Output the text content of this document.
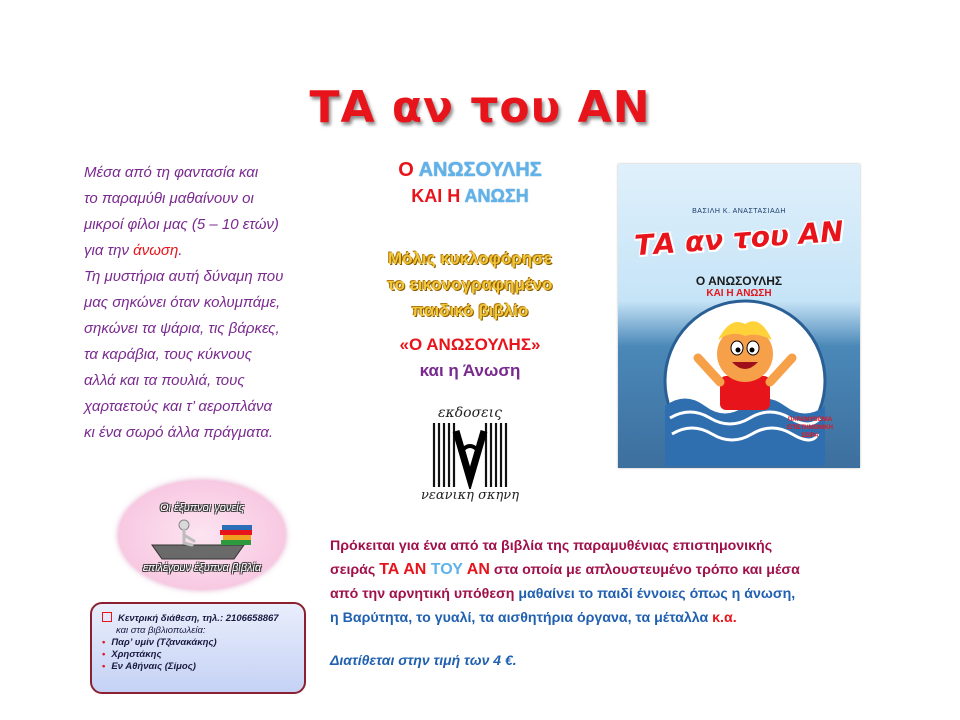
ΤΑ αν του ΑΝ
Μέσα από τη φαντασία και
το παραμύθι μαθαίνουν οι
μικροί φίλοι μας (5 – 10 ετών)
για την άνωση.
Τη μυστήρια αυτή δύναμη που
μας σηκώνει όταν κολυμπάμε,
σηκώνει τα ψάρια, τις βάρκες,
τα καράβια, τους κύκνους
αλλά και τα πουλιά, τους
χαρταετούς και τ’ αεροπλάνα
κι ένα σωρό άλλα πράγματα.
Ο ΑΝΩΣΟΥΛΗΣ
ΚΑΙ Η ΑΝΩΣΗ
Μόλις κυκλοφόρησε
το εικονογραφημένο
παιδικό βιβλίο
«Ο ΑΝΩΣΟΥΛΗΣ»
και η Άνωση
εκδοσεις
νεανικη σκηνη
ΒΑΣΙΛΗ Κ. ΑΝΑΣΤΑΣΙΑΔΗ
ΤΑ αν του ΑΝ
Ο ΑΝΩΣΟΥΛΗΣ
ΚΑΙ Η ΑΝΩΣΗ
ΠΑΡΑΜΥΘΕΝΙΑ
ΕΠΙΣΤΗΜΟΝΙΚΗ
ΣΕΙΡΑ
Οι έξυπνοι γονείς
επιλέγουν έξυπνα βιβλία
Κεντρική διάθεση, τηλ.: 2106658867
και στα βιβλιοπωλεία:
• Παρ’ υμίν (Τζανακάκης)
• Χρηστάκης
• Εν Αθήναις (Σίμος)
Πρόκειται για ένα από τα βιβλία της παραμυθένιας επιστημονικής
σειράς ΤΑ ΑΝ ΤΟΥ ΑΝ στα οποία με απλουστευμένο τρόπο και μέσα
από την αρνητική υπόθεση μαθαίνει το παιδί έννοιες όπως η άνωση,
η Βαρύτητα, το γυαλί, τα αισθητήρια όργανα, τα μέταλλα κ.α.
Διατίθεται στην τιμή των 4 €.
